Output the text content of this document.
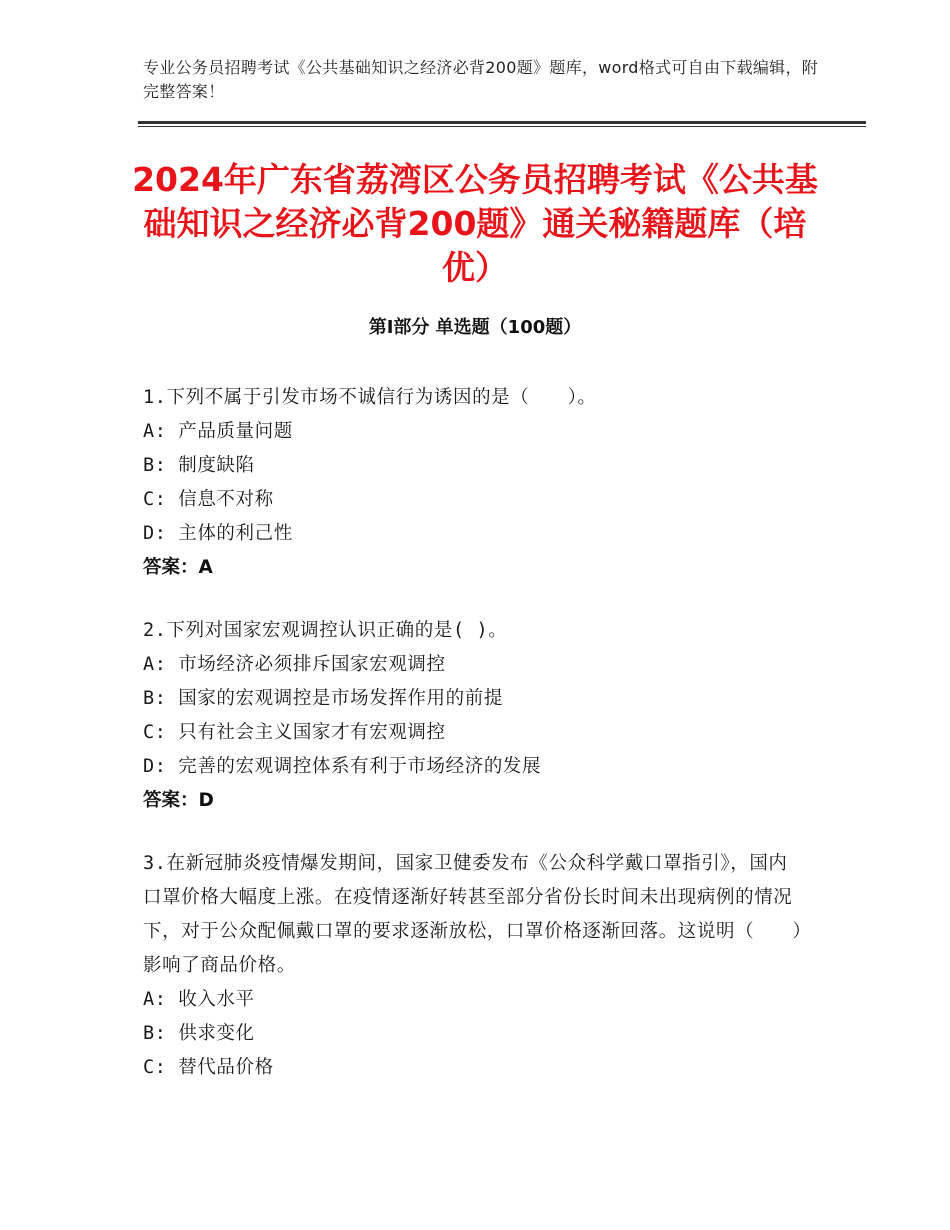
专业公务员招聘考试《公共基础知识之经济必背200题》题库，word格式可自由下载编辑，附完整答案！
2024年广东省荔湾区公务员招聘考试《公共基础知识之经济必背200题》通关秘籍题库（培优）
第Ⅰ部分 单选题（100题）
1.下列不属于引发市场不诚信行为诱因的是（　　）。
A: 产品质量问题
B: 制度缺陷
C: 信息不对称
D: 主体的利己性
答案：A
2.下列对国家宏观调控认识正确的是( )。
A: 市场经济必须排斥国家宏观调控
B: 国家的宏观调控是市场发挥作用的前提
C: 只有社会主义国家才有宏观调控
D: 完善的宏观调控体系有利于市场经济的发展
答案：D
3.在新冠肺炎疫情爆发期间，国家卫健委发布《公众科学戴口罩指引》，国内口罩价格大幅度上涨。在疫情逐渐好转甚至部分省份长时间未出现病例的情况下，对于公众配佩戴口罩的要求逐渐放松，口罩价格逐渐回落。这说明（　　）影响了商品价格。
A: 收入水平
B: 供求变化
C: 替代品价格
